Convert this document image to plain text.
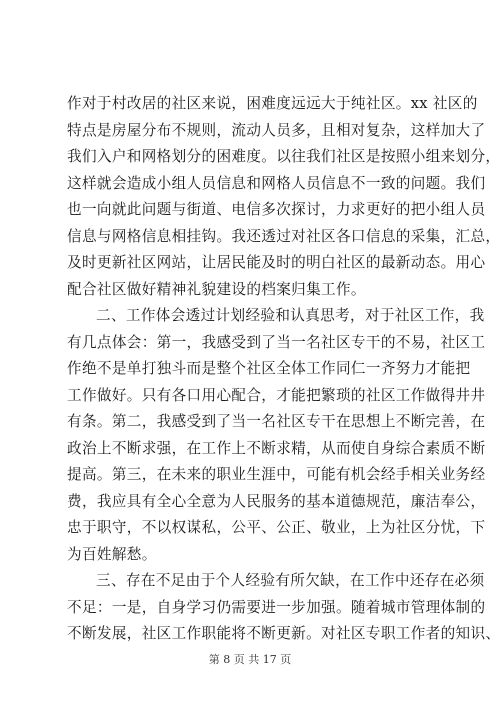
作对于村改居的社区来说，困难度远远大于纯社区。xx 社区的
特点是房屋分布不规则，流动人员多，且相对复杂，这样加大了
我们入户和网格划分的困难度。以往我们社区是按照小组来划分，
这样就会造成小组人员信息和网格人员信息不一致的问题。我们
也一向就此问题与街道、电信多次探讨，力求更好的把小组人员
信息与网格信息相挂钩。我还透过对社区各口信息的采集，汇总，
及时更新社区网站，让居民能及时的明白社区的最新动态。用心
配合社区做好精神礼貌建设的档案归集工作。
二、工作体会透过计划经验和认真思考，对于社区工作，我
有几点体会：第一，我感受到了当一名社区专干的不易，社区工
作绝不是单打独斗而是整个社区全体工作同仁一齐努力才能把
工作做好。只有各口用心配合，才能把繁琐的社区工作做得井井
有条。第二，我感受到了当一名社区专干在思想上不断完善，在
政治上不断求强，在工作上不断求精，从而使自身综合素质不断
提高。第三，在未来的职业生涯中，可能有机会经手相关业务经
费，我应具有全心全意为人民服务的基本道德规范，廉洁奉公，
忠于职守，不以权谋私，公平、公正、敬业，上为社区分忧，下
为百姓解愁。
三、存在不足由于个人经验有所欠缺，在工作中还存在必须
不足：一是，自身学习仍需要进一步加强。随着城市管理体制的
不断发展，社区工作职能将不断更新。对社区专职工作者的知识、
第 8 页 共 17 页
